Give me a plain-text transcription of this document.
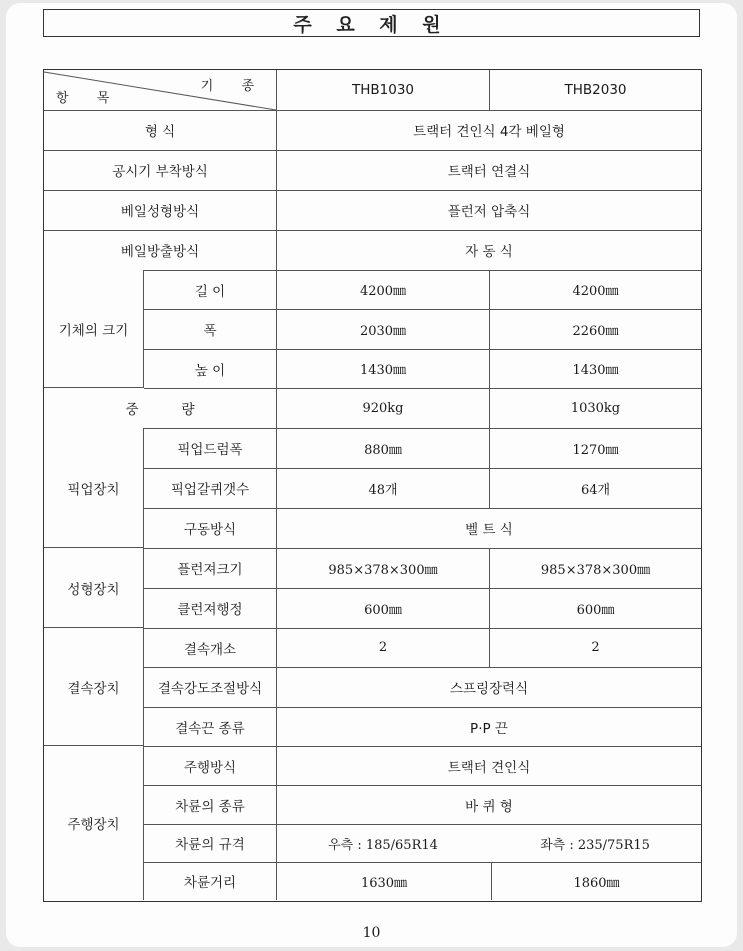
주 요 제 원
기 종
항 목
THB1030	THB2030
형 식	트랙터 견인식 4각 베일형
공시기 부착방식	트랙터 연결식
베일성형방식	플런저 압축식
베일방출방식	자 동 식
기체의 크기
길 이	4200㎜	4200㎜
폭	2030㎜	2260㎜
높 이	1430㎜	1430㎜
중          량	920kg	1030kg
픽업장치
픽업드럼폭	880㎜	1270㎜
픽업갈퀴갯수	48개	64개
구동방식	벨 트 식
성형장치
플런져크기	985×378×300㎜	985×378×300㎜
클런져행정	600㎜	600㎜
결속장치
결속개소	2	2
결속강도조절방식	스프링장력식
결속끈 종류	P·P 끈
주행장치
주행방식	트랙터 견인식
차륜의 종류	바 퀴 형
차륜의 규격	우측 : 185/65R14	좌측 : 235/75R15
차륜거리	1630㎜	1860㎜
10
